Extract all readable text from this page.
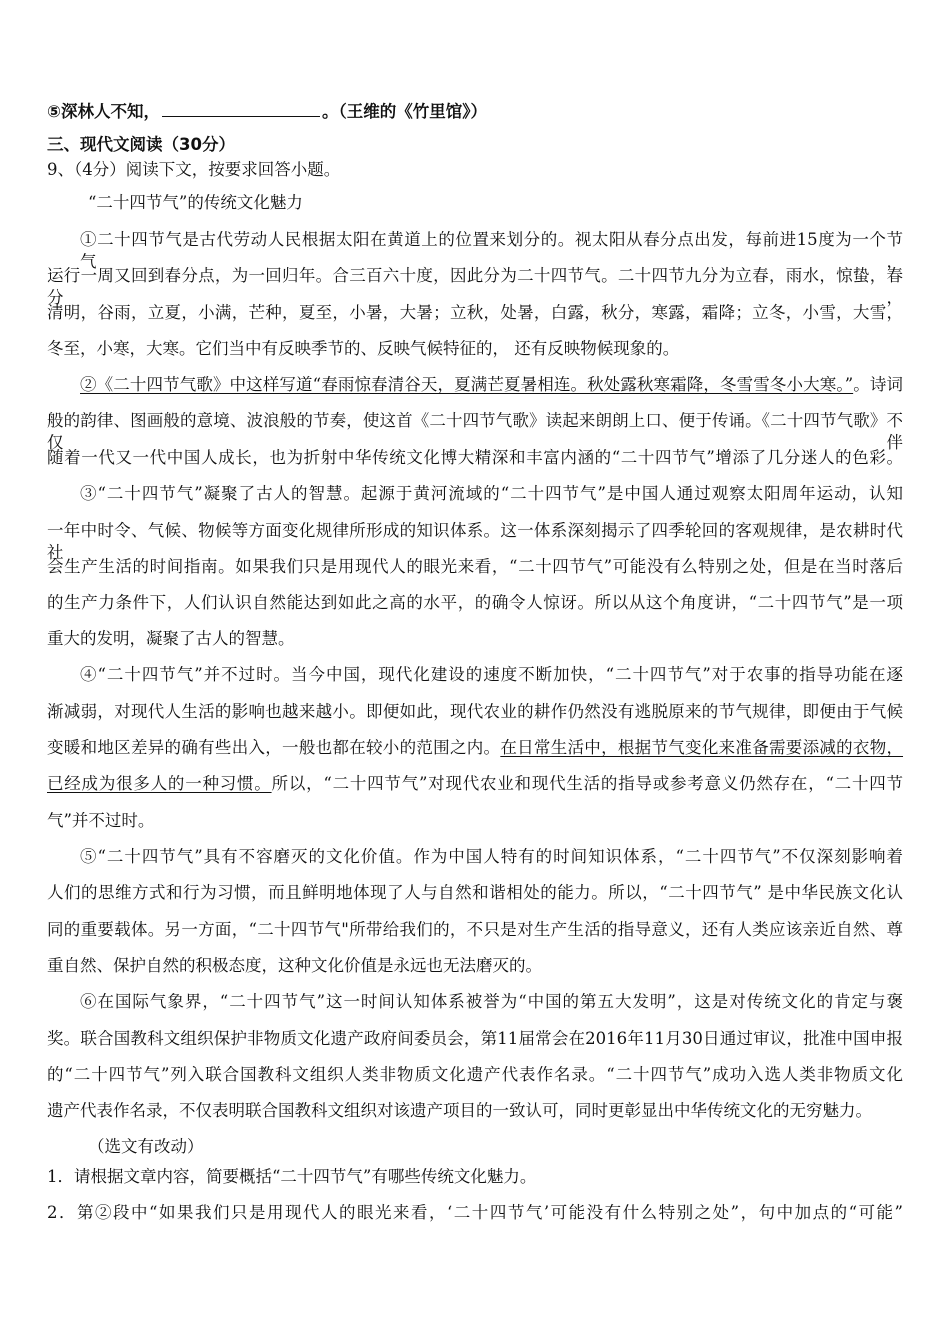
⑤深林人不知，	。（王维的《竹里馆》）
三、现代文阅读（30分）
9、（4分）阅读下文，按要求回答小题。
“二十四节气”的传统文化魅力
①二十四节气是古代劳动人民根据太阳在黄道上的位置来划分的。视太阳从春分点出发，每前进15度为一个节气，
运行一周又回到春分点，为一回归年。合三百六十度，因此分为二十四节气。二十四节九分为立春，雨水，惊蛰，春分，
清明，谷雨，立夏，小满，芒种，夏至，小暑，大暑；立秋，处暑，白露，秋分，寒露，霜降；立冬，小雪，大雪，
冬至，小寒，大寒。它们当中有反映季节的、反映气候特征的， 还有反映物候现象的。
②《二十四节气歌》中这样写道“春雨惊春清谷天，夏满芒夏暑相连。秋处露秋寒霜降，冬雪雪冬小大寒。”。诗词
般的韵律、图画般的意境、波浪般的节奏，使这首《二十四节气歌》读起来朗朗上口、便于传诵。《二十四节气歌》不仅伴
随着一代又一代中国人成长，也为折射中华传统文化博大精深和丰富内涵的“二十四节气”增添了几分迷人的色彩。
③“二十四节气”凝聚了古人的智慧。起源于黄河流域的“二十四节气”是中国人通过观察太阳周年运动，认知
一年中时令、气候、物候等方面变化规律所形成的知识体系。这一体系深刻揭示了四季轮回的客观规律，是农耕时代社
会生产生活的时间指南。如果我们只是用现代人的眼光来看，“二十四节气”可能没有么特别之处，但是在当时落后
的生产力条件下，人们认识自然能达到如此之高的水平，的确令人惊讶。所以从这个角度讲，“二十四节气”是一项
重大的发明，凝聚了古人的智慧。
④“二十四节气”并不过时。当今中国，现代化建设的速度不断加快，“二十四节气”对于农事的指导功能在逐
渐减弱，对现代人生活的影响也越来越小。即便如此，现代农业的耕作仍然没有逃脱原来的节气规律，即便由于气候
变暖和地区差异的确有些出入，一般也都在较小的范围之内。在日常生活中，根据节气变化来准备需要添减的衣物，
已经成为很多人的一种习惯。所以，“二十四节气”对现代农业和现代生活的指导或参考意义仍然存在，“二十四节
气”并不过时。
⑤“二十四节气”具有不容磨灭的文化价值。作为中国人特有的时间知识体系，“二十四节气”不仅深刻影响着
人们的思维方式和行为习惯，而且鲜明地体现了人与自然和谐相处的能力。所以，“二十四节气” 是中华民族文化认
同的重要载体。另一方面，“二十四节气"所带给我们的，不只是对生产生活的指导意义，还有人类应该亲近自然、尊
重自然、保护自然的积极态度，这种文化价值是永远也无法磨灭的。
⑥在国际气象界，“二十四节气”这一时间认知体系被誉为“中国的第五大发明”，这是对传统文化的肯定与褒
奖。联合国教科文组织保护非物质文化遗产政府间委员会，第11届常会在2016年11月30日通过审议，批准中国申报
的“二十四节气”列入联合国教科文组织人类非物质文化遗产代表作名录。“二十四节气”成功入选人类非物质文化
遗产代表作名录，不仅表明联合国教科文组织对该遗产项目的一致认可，同时更彰显出中华传统文化的无穷魅力。
（选文有改动）
1．请根据文章内容，简要概括“二十四节气”有哪些传统文化魅力。
2．第②段中“如果我们只是用现代人的眼光来看，‘二十四节气’可能没有什么特别之处”，句中加点的“可能”
